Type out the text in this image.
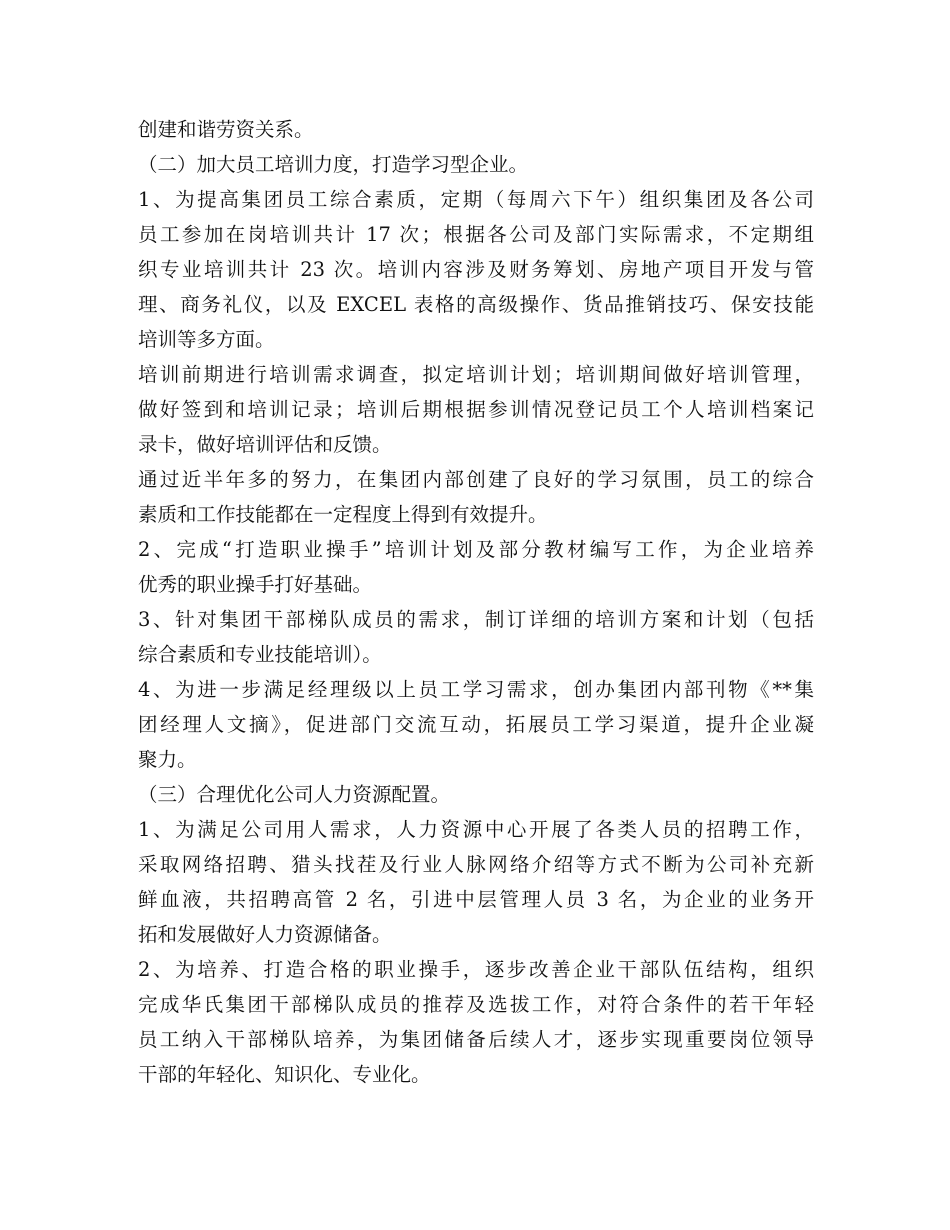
创建和谐劳资关系。
（二）加大员工培训力度，打造学习型企业。
1、为提高集团员工综合素质，定期（每周六下午）组织集团及各公司
员工参加在岗培训共计 17 次；根据各公司及部门实际需求，不定期组
织专业培训共计 23 次。培训内容涉及财务筹划、房地产项目开发与管
理、商务礼仪，以及 EXCEL 表格的高级操作、货品推销技巧、保安技能
培训等多方面。
培训前期进行培训需求调查，拟定培训计划；培训期间做好培训管理，
做好签到和培训记录；培训后期根据参训情况登记员工个人培训档案记
录卡，做好培训评估和反馈。
通过近半年多的努力，在集团内部创建了良好的学习氛围，员工的综合
素质和工作技能都在一定程度上得到有效提升。
2、完成“打造职业操手”培训计划及部分教材编写工作，为企业培养
优秀的职业操手打好基础。
3、针对集团干部梯队成员的需求，制订详细的培训方案和计划（包括
综合素质和专业技能培训）。
4、为进一步满足经理级以上员工学习需求，创办集团内部刊物《**集
团经理人文摘》，促进部门交流互动，拓展员工学习渠道，提升企业凝
聚力。
（三）合理优化公司人力资源配置。
1、为满足公司用人需求，人力资源中心开展了各类人员的招聘工作，
采取网络招聘、猎头找茬及行业人脉网络介绍等方式不断为公司补充新
鲜血液，共招聘高管 2 名，引进中层管理人员 3 名，为企业的业务开
拓和发展做好人力资源储备。
2、为培养、打造合格的职业操手，逐步改善企业干部队伍结构，组织
完成华氏集团干部梯队成员的推荐及选拔工作，对符合条件的若干年轻
员工纳入干部梯队培养，为集团储备后续人才，逐步实现重要岗位领导
干部的年轻化、知识化、专业化。
